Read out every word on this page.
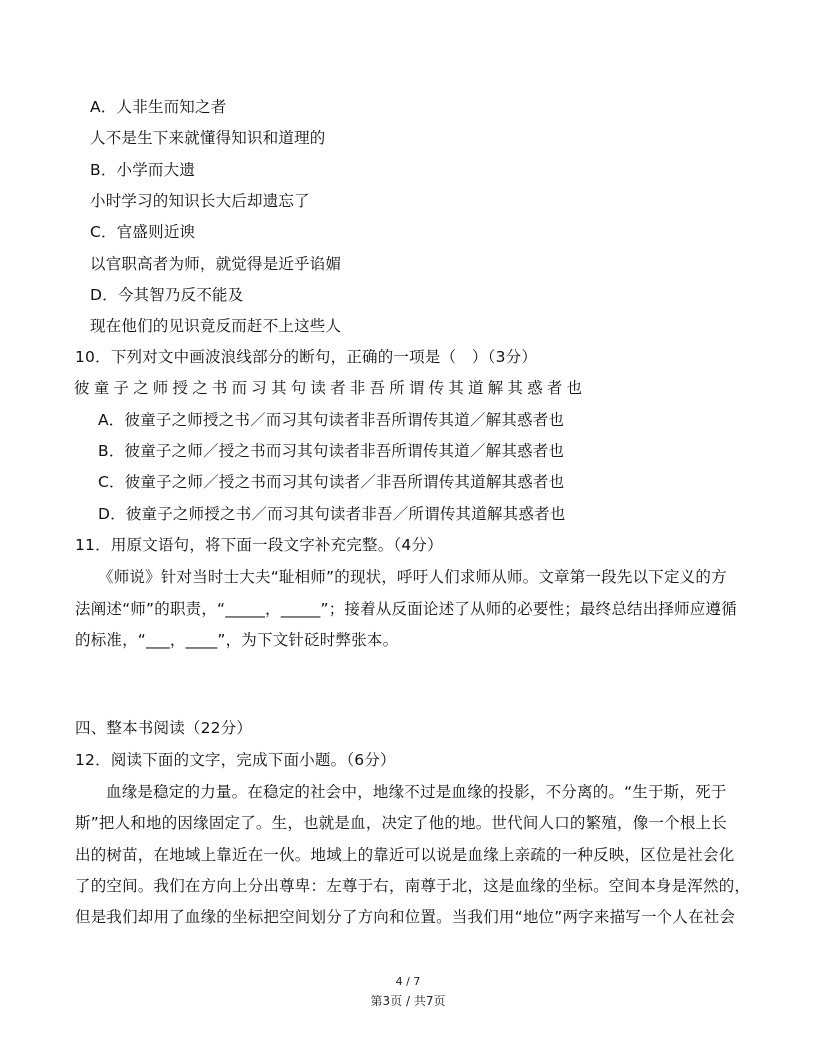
A．人非生而知之者
人不是生下来就懂得知识和道理的
B．小学而大遗
小时学习的知识长大后却遗忘了
C．官盛则近谀
以官职高者为师，就觉得是近乎谄媚
D．今其智乃反不能及
现在他们的见识竟反而赶不上这些人
10．下列对文中画波浪线部分的断句，正确的一项是（　）（3分）
彼童子之师授之书而习其句读者非吾所谓传其道解其惑者也
A．彼童子之师授之书／而习其句读者非吾所谓传其道／解其惑者也
B．彼童子之师／授之书而习其句读者非吾所谓传其道／解其惑者也
C．彼童子之师／授之书而习其句读者／非吾所谓传其道解其惑者也
D．彼童子之师授之书／而习其句读者非吾／所谓传其道解其惑者也
11．用原文语句，将下面一段文字补充完整。（4分）
《师说》针对当时士大夫“耻相师”的现状，呼吁人们求师从师。文章第一段先以下定义的方
法阐述“师”的职责，“_____，_____”；接着从反面论述了从师的必要性；最终总结出择师应遵循
的标准，“___，____”，为下文针砭时弊张本。
四、整本书阅读（22分）
12．阅读下面的文字，完成下面小题。（6分）
血缘是稳定的力量。在稳定的社会中，地缘不过是血缘的投影，不分离的。“生于斯，死于
斯”把人和地的因缘固定了。生，也就是血，决定了他的地。世代间人口的繁殖，像一个根上长
出的树苗，在地域上靠近在一伙。地域上的靠近可以说是血缘上亲疏的一种反映，区位是社会化
了的空间。我们在方向上分出尊卑：左尊于右，南尊于北，这是血缘的坐标。空间本身是浑然的，
但是我们却用了血缘的坐标把空间划分了方向和位置。当我们用“地位”两字来描写一个人在社会
4 / 7
第3页 / 共7页
